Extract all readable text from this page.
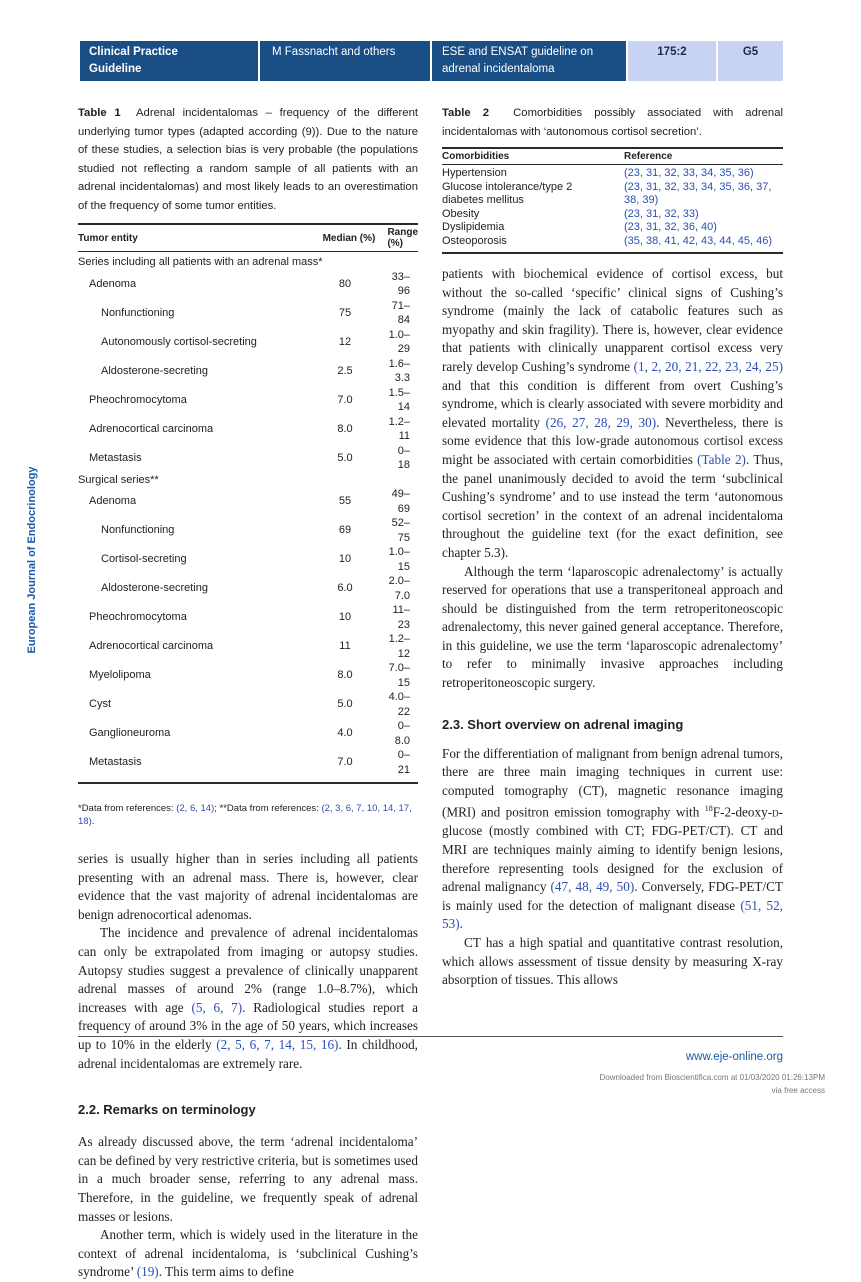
Clinical Practice Guideline
M Fassnacht and others	ESE and ENSAT guideline on adrenal incidentaloma
175:2	G5
European Journal of Endocrinology
Table 1 Adrenal incidentalomas – frequency of the different underlying tumor types (adapted according (9)). Due to the nature of these studies, a selection bias is very probable (the populations studied not reflecting a random sample of all patients with an adrenal incidentalomas) and most likely leads to an overestimation of the frequency of some tumor entities.
Tumor entity	Median (%)	Range (%)
Series including all patients with an adrenal mass*		
Adenoma	80	33–96
Nonfunctioning	75	71–84
Autonomously cortisol-secreting	12	1.0–29
Aldosterone-secreting	2.5	1.6–3.3
Pheochromocytoma	7.0	1.5–14
Adrenocortical carcinoma	8.0	1.2–11
Metastasis	5.0	0–18
Surgical series**		
Adenoma	55	49–69
Nonfunctioning	69	52–75
Cortisol-secreting	10	1.0–15
Aldosterone-secreting	6.0	2.0–7.0
Pheochromocytoma	10	11–23
Adrenocortical carcinoma	11	1.2–12
Myelolipoma	8.0	7.0–15
Cyst	5.0	4.0–22
Ganglioneuroma	4.0	0–8.0
Metastasis	7.0	0–21
*Data from references: (2, 6, 14); **Data from references: (2, 3, 6, 7, 10, 14, 17, 18).

series is usually higher than in series including all patients presenting with an adrenal mass. There is, however, clear evidence that the vast majority of adrenal incidentalomas are benign adrenocortical adenomas.

The incidence and prevalence of adrenal incidentalomas can only be extrapolated from imaging or autopsy studies. Autopsy studies suggest a prevalence of clinically unapparent adrenal masses of around 2% (range 1.0–8.7%), which increases with age (5, 6, 7). Radiological studies report a frequency of around 3% in the age of 50 years, which increases up to 10% in the elderly (2, 5, 6, 7, 14, 15, 16). In childhood, adrenal incidentalomas are extremely rare.

2.2. Remarks on terminology

As already discussed above, the term ‘adrenal incidentaloma’ can be defined by very restrictive criteria, but is sometimes used in a much broader sense, referring to any adrenal mass. Therefore, in the guideline, we frequently speak of adrenal masses or lesions.

Another term, which is widely used in the literature in the context of adrenal incidentaloma, is ‘subclinical Cushing’s syndrome’ (19). This term aims to define

Table 2 Comorbidities possibly associated with adrenal incidentalomas with ‘autonomous cortisol secretion’.
Comorbidities	Reference
Hypertension	(23, 31, 32, 33, 34, 35, 36)
Glucose intolerance/type 2 diabetes mellitus	(23, 31, 32, 33, 34, 35, 36, 37, 38, 39)
Obesity	(23, 31, 32, 33)
Dyslipidemia	(23, 31, 32, 36, 40)
Osteoporosis	(35, 38, 41, 42, 43, 44, 45, 46)

patients with biochemical evidence of cortisol excess, but without the so-called ‘specific’ clinical signs of Cushing’s syndrome (mainly the lack of catabolic features such as myopathy and skin fragility). There is, however, clear evidence that patients with clinically unapparent cortisol excess very rarely develop Cushing’s syndrome (1, 2, 20, 21, 22, 23, 24, 25) and that this condition is different from overt Cushing’s syndrome, which is clearly associated with severe morbidity and elevated mortality (26, 27, 28, 29, 30). Nevertheless, there is some evidence that this low-grade autonomous cortisol excess might be associated with certain comorbidities (Table 2). Thus, the panel unanimously decided to avoid the term ‘subclinical Cushing’s syndrome’ and to use instead the term ‘autonomous cortisol secretion’ in the context of an adrenal incidentaloma throughout the guideline text (for the exact definition, see chapter 5.3).

Although the term ‘laparoscopic adrenalectomy’ is actually reserved for operations that use a transperitoneal approach and should be distinguished from the term retroperitoneoscopic adrenalectomy, this never gained general acceptance. Therefore, in this guideline, we use the term ‘laparoscopic adrenalectomy’ to refer to minimally invasive approaches including retroperitoneoscopic surgery.

2.3. Short overview on adrenal imaging

For the differentiation of malignant from benign adrenal tumors, there are three main imaging techniques in current use: computed tomography (CT), magnetic resonance imaging (MRI) and positron emission tomography with $^{18}$F-2-deoxy-d-glucose (mostly combined with CT; FDG-PET/CT). CT and MRI are techniques mainly aiming to identify benign lesions, therefore representing tools designed for the exclusion of adrenal malignancy (47, 48, 49, 50). Conversely, FDG-PET/CT is mainly used for the detection of malignant disease (51, 52, 53).

CT has a high spatial and quantitative contrast resolution, which allows assessment of tissue density by measuring X-ray absorption of tissues. This allows

www.eje-online.org
Downloaded from Bioscientifica.com at 01/03/2020 01:26:13PM
via free access
